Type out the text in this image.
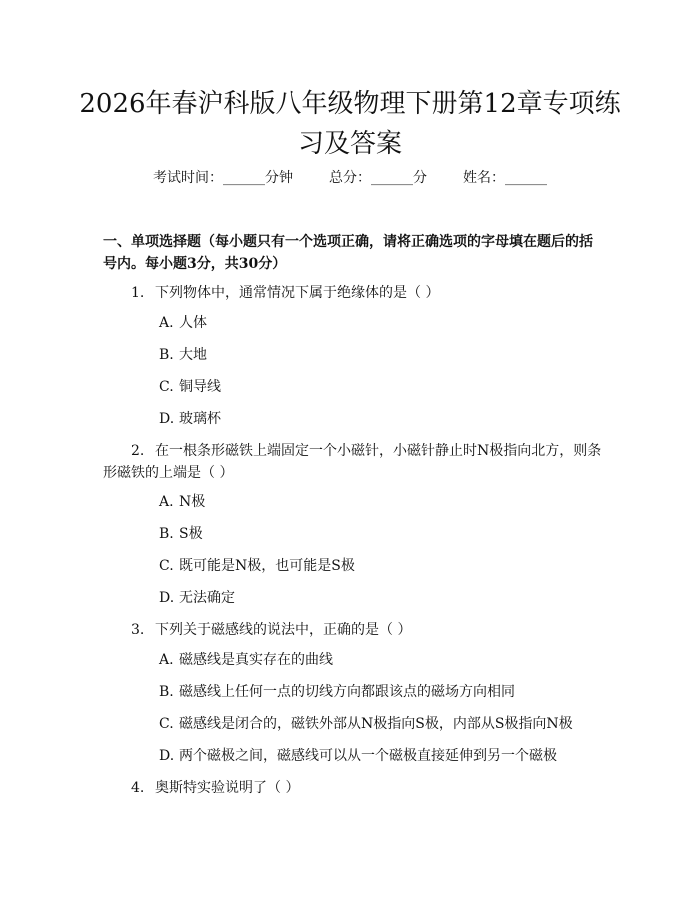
2026年春沪科版八年级物理下册第12章专项练习及答案
考试时间：______分钟	总分：______分	姓名：______

一、单项选择题（每小题只有一个选项正确，请将正确选项的字母填在题后的括号内。每小题3分，共30分）

1. 下列物体中，通常情况下属于绝缘体的是（ ）

A. 人体
B. 大地
C. 铜导线
D. 玻璃杯

2. 在一根条形磁铁上端固定一个小磁针，小磁针静止时N极指向北方，则条形磁铁的上端是（ ）

A. N极
B. S极
C. 既可能是N极，也可能是S极
D. 无法确定

3. 下列关于磁感线的说法中，正确的是（ ）

A. 磁感线是真实存在的曲线
B. 磁感线上任何一点的切线方向都跟该点的磁场方向相同
C. 磁感线是闭合的，磁铁外部从N极指向S极，内部从S极指向N极
D. 两个磁极之间，磁感线可以从一个磁极直接延伸到另一个磁极

4. 奥斯特实验说明了（ ）
